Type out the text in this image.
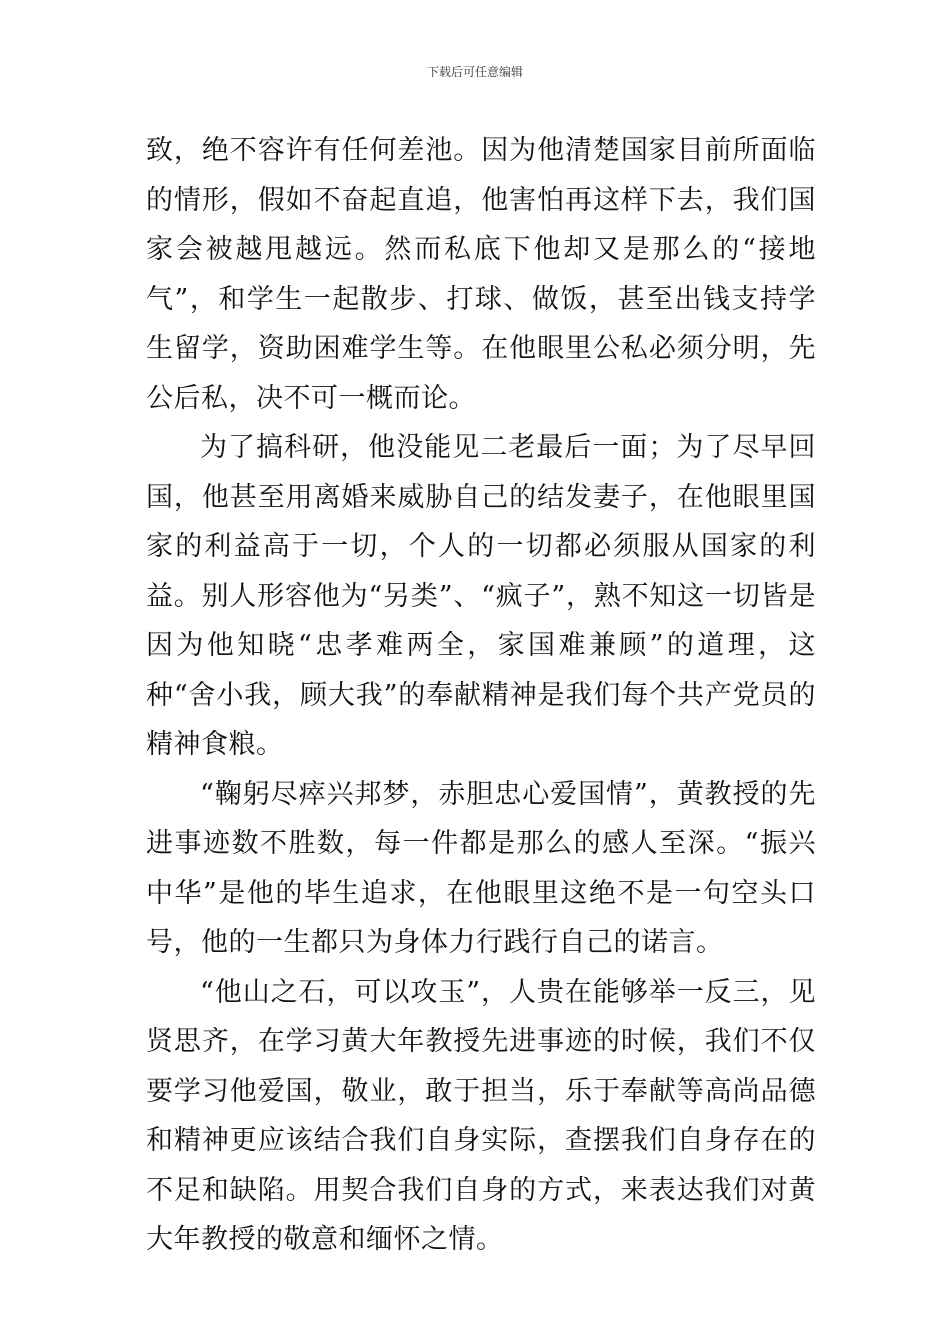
下载后可任意编辑

致，绝不容许有任何差池。因为他清楚国家目前所面临的情形，假如不奋起直追，他害怕再这样下去，我们国家会被越甩越远。然而私底下他却又是那么的“接地气”，和学生一起散步、打球、做饭，甚至出钱支持学生留学，资助困难学生等。在他眼里公私必须分明，先公后私，决不可一概而论。

为了搞科研，他没能见二老最后一面；为了尽早回国，他甚至用离婚来威胁自己的结发妻子，在他眼里国家的利益高于一切，个人的一切都必须服从国家的利益。别人形容他为“另类”、“疯子”，熟不知这一切皆是因为他知晓“忠孝难两全，家国难兼顾”的道理，这种“舍小我，顾大我”的奉献精神是我们每个共产党员的精神食粮。

“鞠躬尽瘁兴邦梦，赤胆忠心爱国情”，黄教授的先进事迹数不胜数，每一件都是那么的感人至深。“振兴中华”是他的毕生追求，在他眼里这绝不是一句空头口号，他的一生都只为身体力行践行自己的诺言。

“他山之石，可以攻玉”，人贵在能够举一反三，见贤思齐，在学习黄大年教授先进事迹的时候，我们不仅要学习他爱国，敬业，敢于担当，乐于奉献等高尚品德和精神更应该结合我们自身实际，查摆我们自身存在的不足和缺陷。用契合我们自身的方式，来表达我们对黄大年教授的敬意和缅怀之情。
